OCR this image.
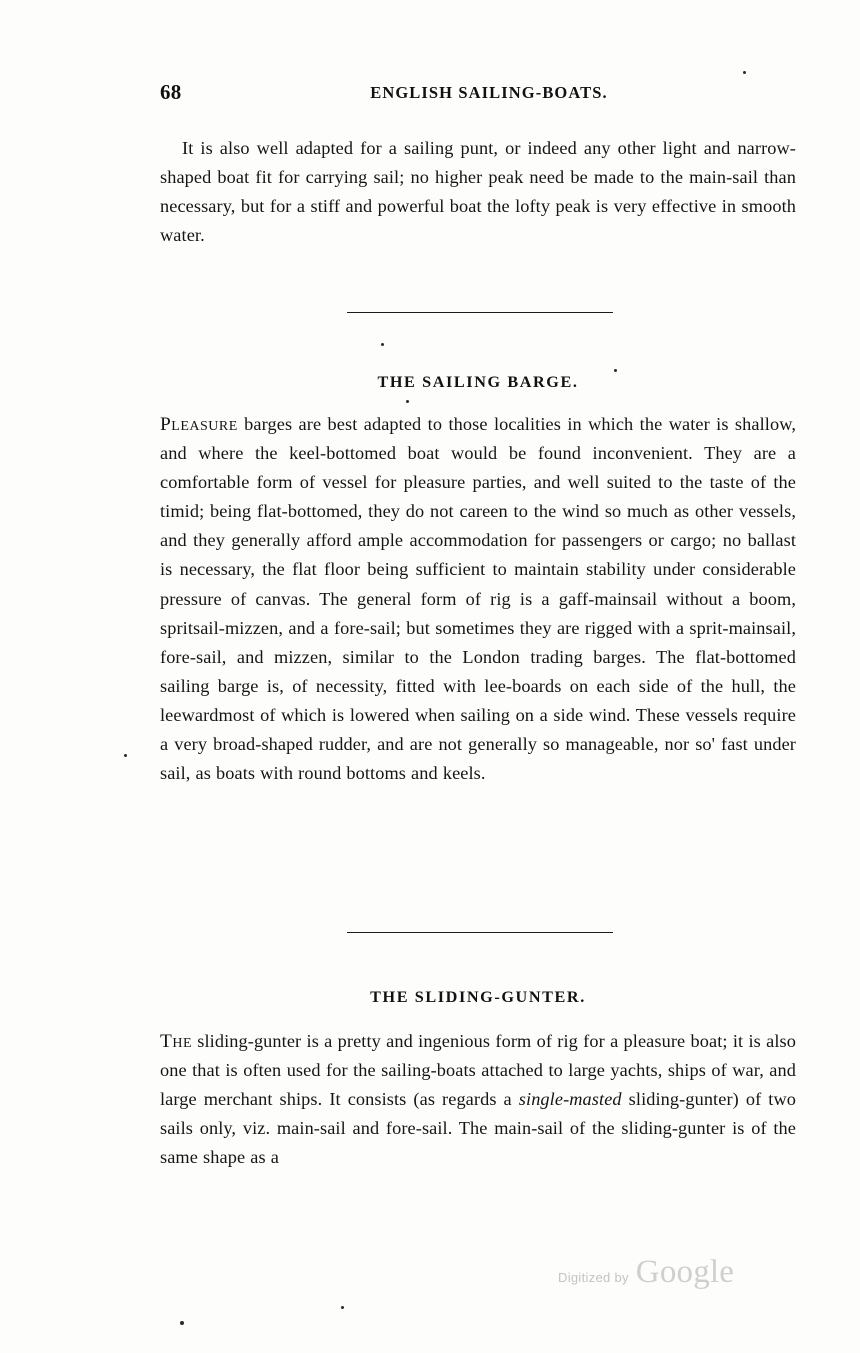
68	ENGLISH SAILING-BOATS.

It is also well adapted for a sailing punt, or indeed any other light and narrow-shaped boat fit for carrying sail; no higher peak need be made to the main-sail than necessary, but for a stiff and powerful boat the lofty peak is very effective in smooth water.

THE SAILING BARGE.

Pleasure barges are best adapted to those localities in which the water is shallow, and where the keel-bottomed boat would be found inconvenient. They are a comfortable form of vessel for pleasure parties, and well suited to the taste of the timid; being flat-bottomed, they do not careen to the wind so much as other vessels, and they generally afford ample accommodation for passengers or cargo; no ballast is necessary, the flat floor being sufficient to maintain stability under considerable pressure of canvas. The general form of rig is a gaff-mainsail without a boom, spritsail-mizzen, and a fore-sail; but sometimes they are rigged with a sprit-mainsail, fore-sail, and mizzen, similar to the London trading barges. The flat-bottomed sailing barge is, of necessity, fitted with lee-boards on each side of the hull, the leewardmost of which is lowered when sailing on a side wind. These vessels require a very broad-shaped rudder, and are not generally so manageable, nor so' fast under sail, as boats with round bottoms and keels.

THE SLIDING-GUNTER.

The sliding-gunter is a pretty and ingenious form of rig for a pleasure boat; it is also one that is often used for the sailing-boats attached to large yachts, ships of war, and large merchant ships. It consists (as regards a single-masted sliding-gunter) of two sails only, viz. main-sail and fore-sail. The main-sail of the sliding-gunter is of the same shape as a

Digitized by Google
